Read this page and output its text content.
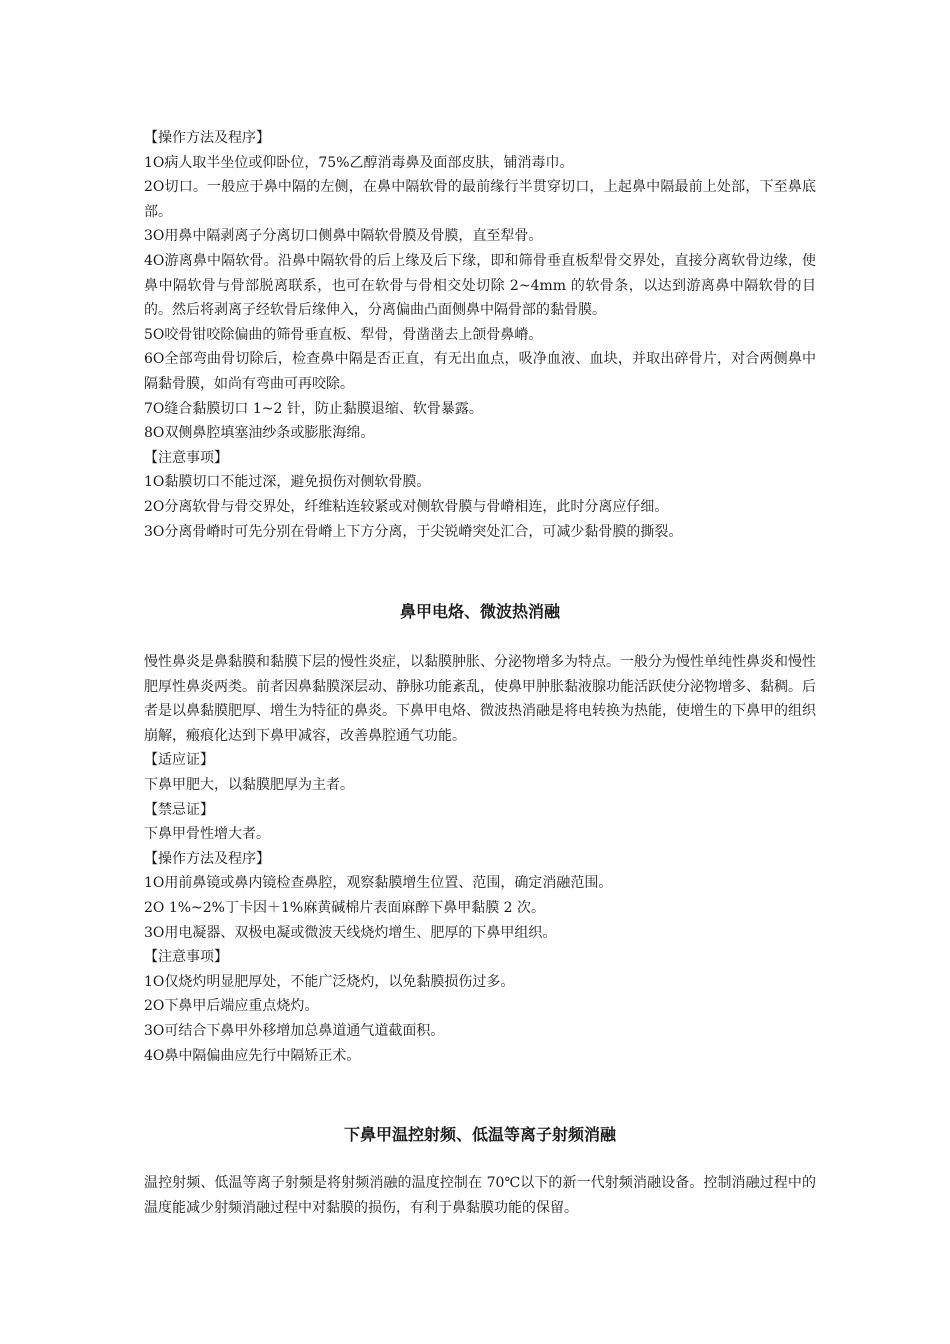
【操作方法及程序】

1O病人取半坐位或仰卧位，75%乙醇消毒鼻及面部皮肤，铺消毒巾。

2O切口。一般应于鼻中隔的左侧，在鼻中隔软骨的最前缘行半贯穿切口，上起鼻中隔最前上处部，下至鼻底部。

3O用鼻中隔剥离子分离切口侧鼻中隔软骨膜及骨膜，直至犁骨。

4O游离鼻中隔软骨。沿鼻中隔软骨的后上缘及后下缘，即和筛骨垂直板犁骨交界处，直接分离软骨边缘，使鼻中隔软骨与骨部脱离联系，也可在软骨与骨相交处切除 2~4mm 的软骨条，以达到游离鼻中隔软骨的目的。然后将剥离子经软骨后缘伸入，分离偏曲凸面侧鼻中隔骨部的黏骨膜。

5O咬骨钳咬除偏曲的筛骨垂直板、犁骨，骨凿凿去上颌骨鼻嵴。

6O全部弯曲骨切除后，检查鼻中隔是否正直，有无出血点，吸净血液、血块，并取出碎骨片，对合两侧鼻中隔黏骨膜，如尚有弯曲可再咬除。

7O缝合黏膜切口 1~2 针，防止黏膜退缩、软骨暴露。

8O双侧鼻腔填塞油纱条或膨胀海绵。

【注意事项】

1O黏膜切口不能过深，避免损伤对侧软骨膜。

2O分离软骨与骨交界处，纤维粘连较紧或对侧软骨膜与骨嵴相连，此时分离应仔细。

3O分离骨嵴时可先分别在骨嵴上下方分离，于尖锐嵴突处汇合，可减少黏骨膜的撕裂。

鼻甲电烙、微波热消融

慢性鼻炎是鼻黏膜和黏膜下层的慢性炎症，以黏膜肿胀、分泌物增多为特点。一般分为慢性单纯性鼻炎和慢性肥厚性鼻炎两类。前者因鼻黏膜深层动、静脉功能紊乱，使鼻甲肿胀黏液腺功能活跃使分泌物增多、黏稠。后者是以鼻黏膜肥厚、增生为特征的鼻炎。下鼻甲电烙、微波热消融是将电转换为热能，使增生的下鼻甲的组织崩解，瘢痕化达到下鼻甲减容，改善鼻腔通气功能。

【适应证】

下鼻甲肥大，以黏膜肥厚为主者。

【禁忌证】

下鼻甲骨性增大者。

【操作方法及程序】

1O用前鼻镜或鼻内镜检查鼻腔，观察黏膜增生位置、范围，确定消融范围。

2O 1%~2%丁卡因＋1%麻黄碱棉片表面麻醉下鼻甲黏膜 2 次。

3O用电凝器、双极电凝或微波天线烧灼增生、肥厚的下鼻甲组织。

【注意事项】

1O仅烧灼明显肥厚处，不能广泛烧灼，以免黏膜损伤过多。

2O下鼻甲后端应重点烧灼。

3O可结合下鼻甲外移增加总鼻道通气道截面积。

4O鼻中隔偏曲应先行中隔矫正术。

下鼻甲温控射频、低温等离子射频消融

温控射频、低温等离子射频是将射频消融的温度控制在 70℃以下的新一代射频消融设备。控制消融过程中的温度能减少射频消融过程中对黏膜的损伤，有利于鼻黏膜功能的保留。
